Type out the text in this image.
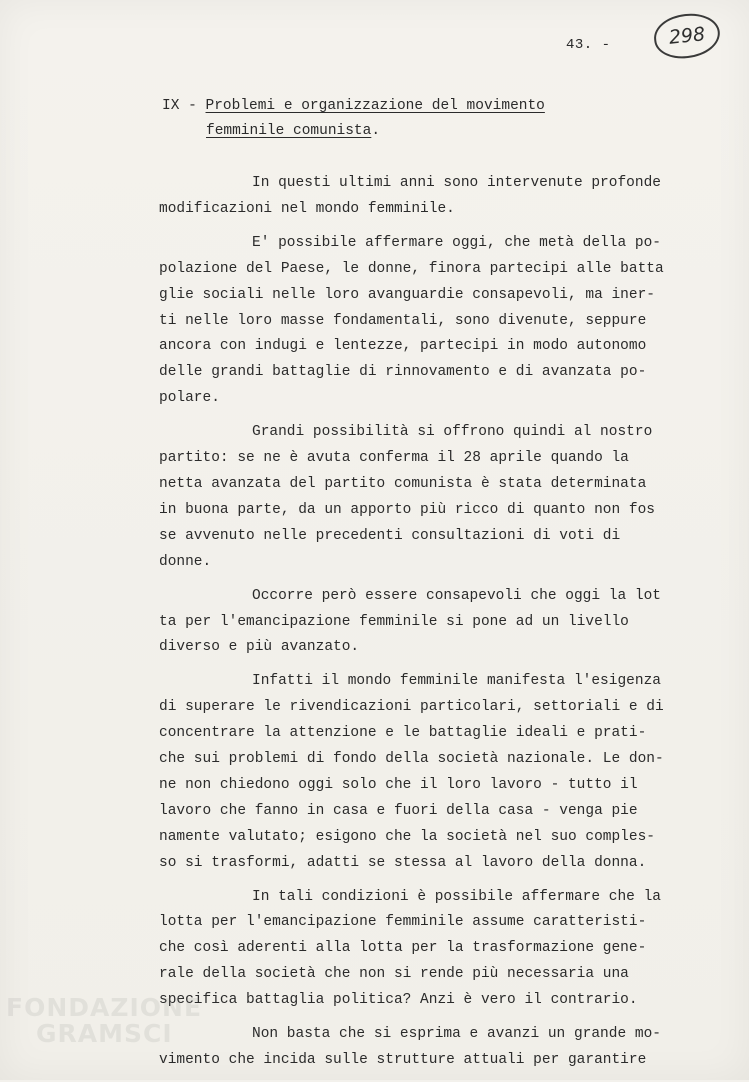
43. -	298
IX - Problemi e organizzazione del movimento
femminile comunista.
In questi ultimi anni sono intervenute profonde
modificazioni nel mondo femminile.
E' possibile affermare oggi, che metà della po-
polazione del Paese, le donne, finora partecipi alle batta
glie sociali nelle loro avanguardie consapevoli, ma iner-
ti nelle loro masse fondamentali, sono divenute, seppure
ancora con indugi e lentezze, partecipi in modo autonomo
delle grandi battaglie di rinnovamento e di avanzata po-
polare.
Grandi possibilità si offrono quindi al nostro
partito: se ne è avuta conferma il 28 aprile quando la
netta avanzata del partito comunista è stata determinata
in buona parte, da un apporto più ricco di quanto non fos
se avvenuto nelle precedenti consultazioni di voti di
donne.
Occorre però essere consapevoli che oggi la lot
ta per l'emancipazione femminile si pone ad un livello
diverso e più avanzato.
Infatti il mondo femminile manifesta l'esigenza
di superare le rivendicazioni particolari, settoriali e di
concentrare la attenzione e le battaglie ideali e prati-
che sui problemi di fondo della società nazionale. Le don-
ne non chiedono oggi solo che il loro lavoro - tutto il
lavoro che fanno in casa e fuori della casa - venga pie
namente valutato; esigono che la società nel suo comples-
so si trasformi, adatti se stessa al lavoro della donna.
In tali condizioni è possibile affermare che la
lotta per l'emancipazione femminile assume caratteristi-
che così aderenti alla lotta per la trasformazione gene-
rale della società che non si rende più necessaria una
specifica battaglia politica? Anzi è vero il contrario.
Non basta che si esprima e avanzi un grande mo-
vimento che incida sulle strutture attuali per garantire
FONDAZIONE
GRAMSCI
